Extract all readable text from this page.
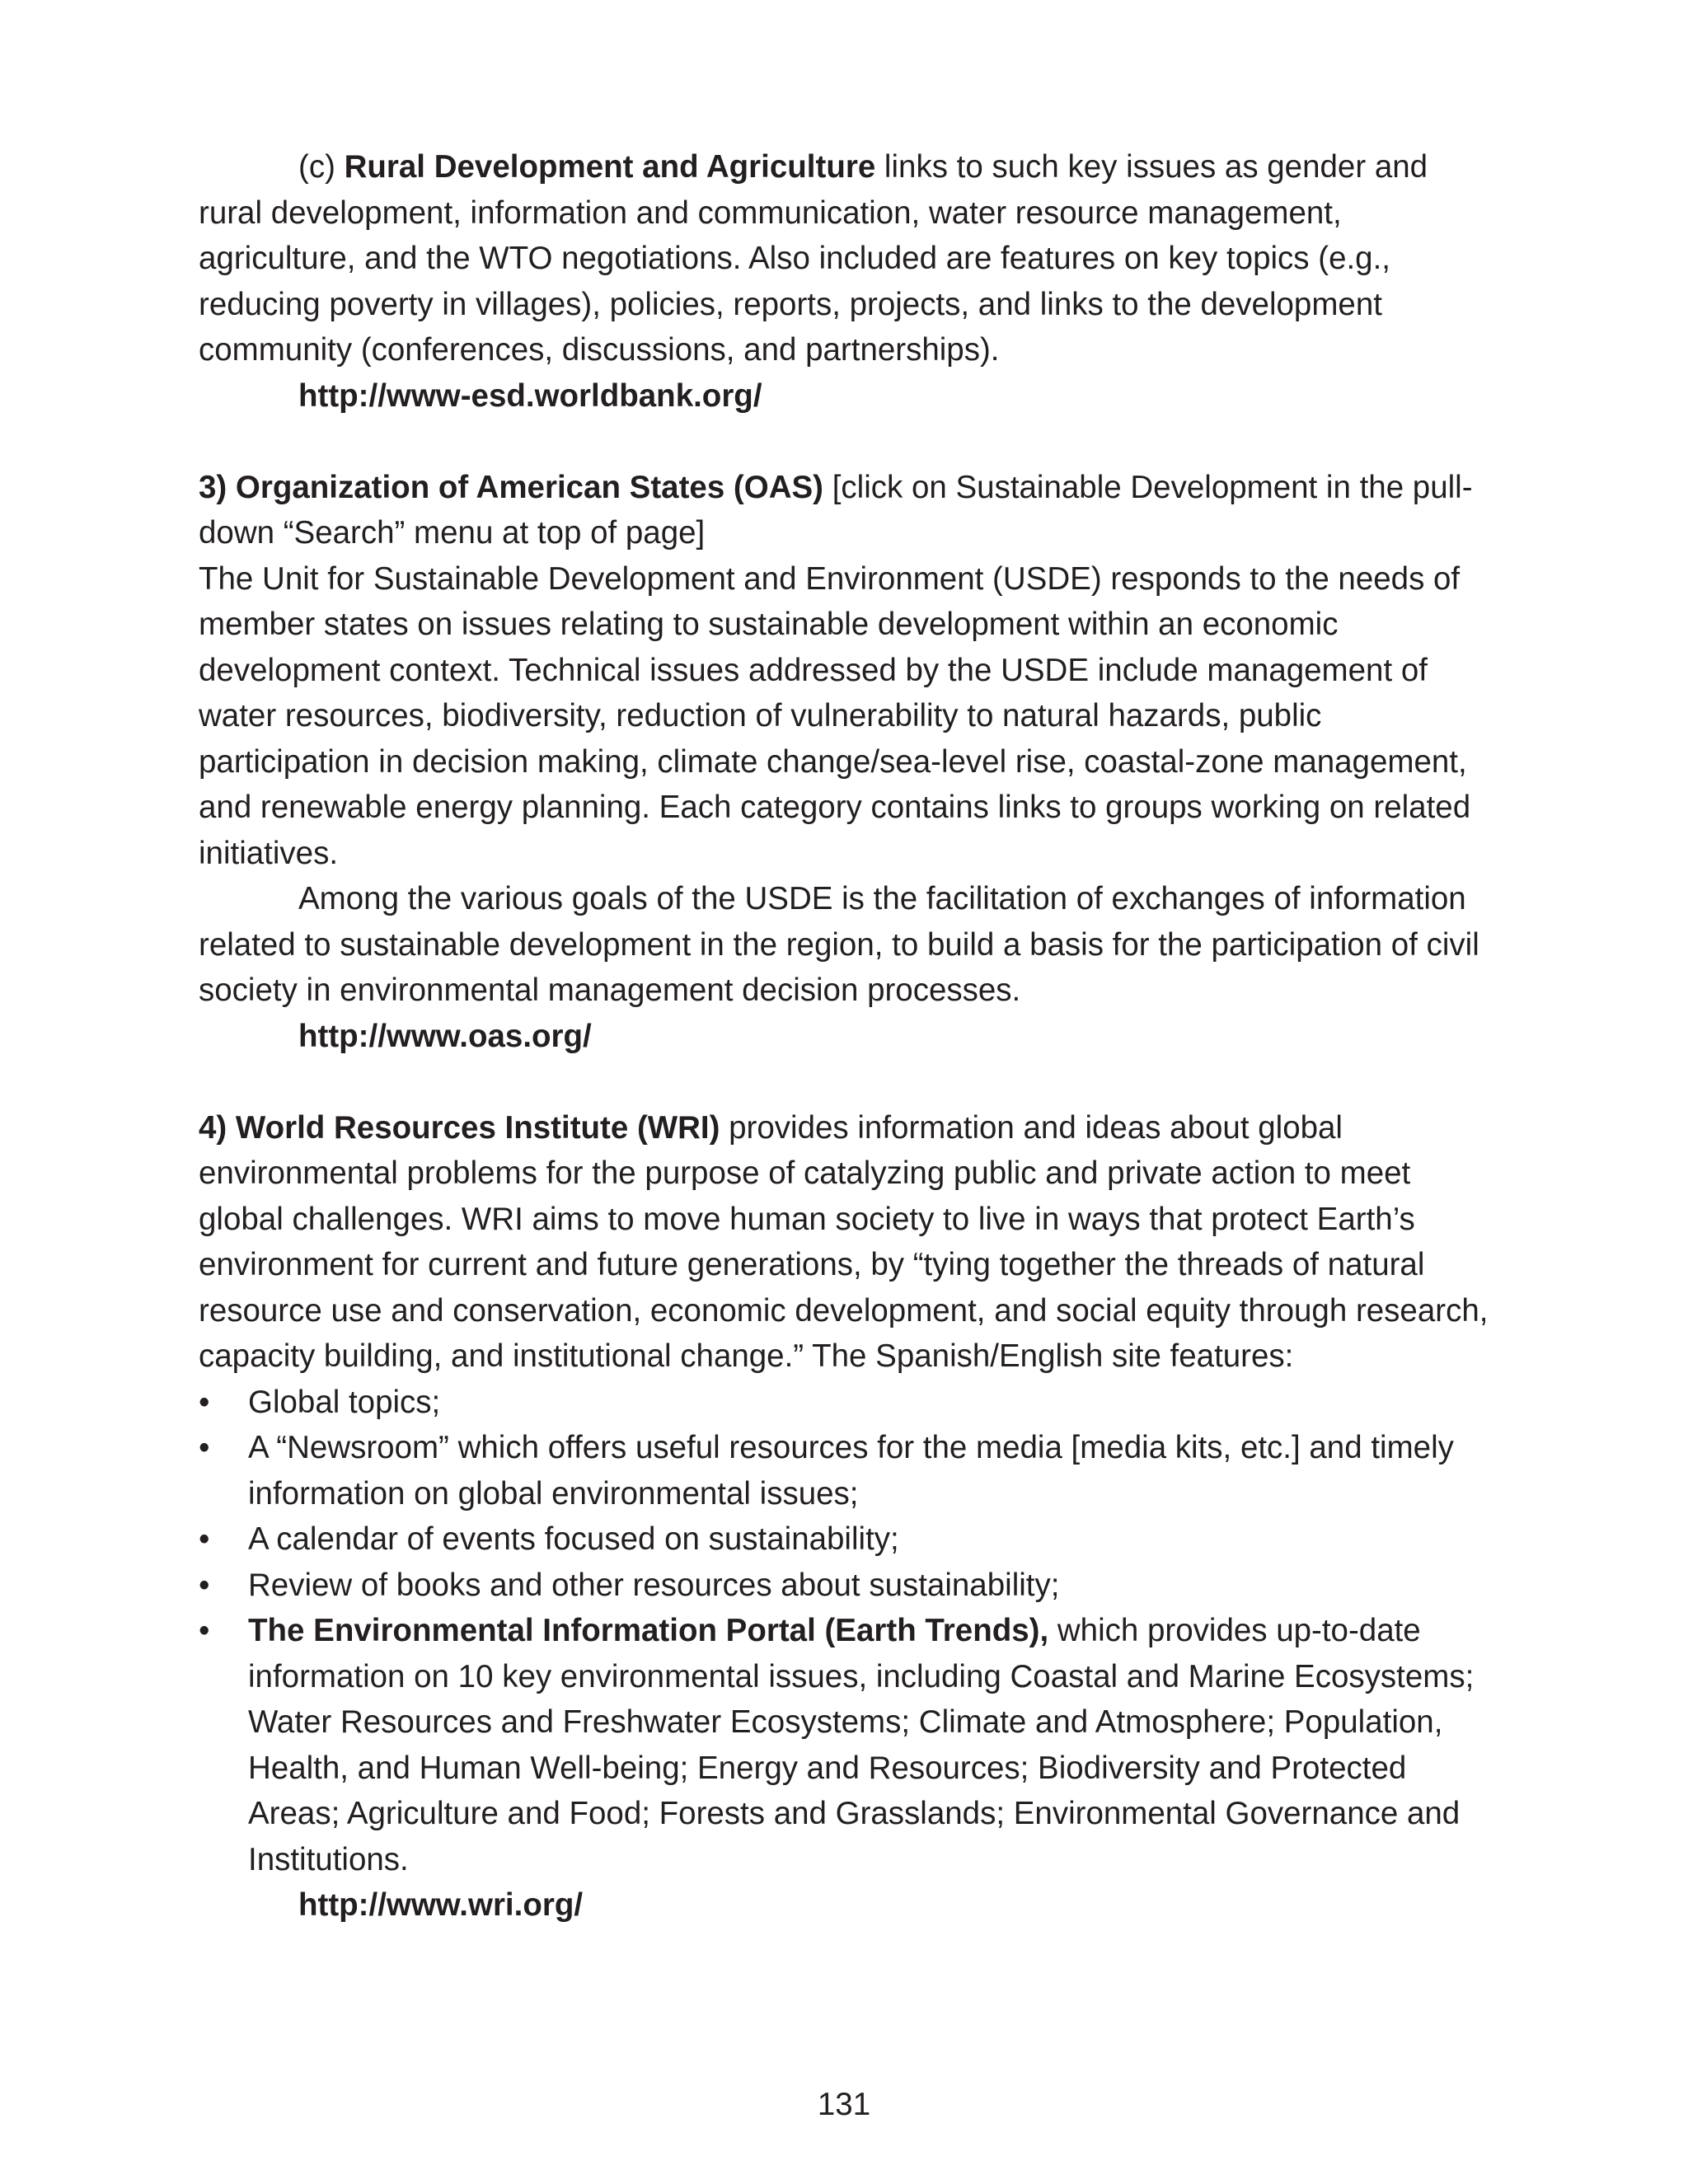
(c) Rural Development and Agriculture links to such key issues as gender and rural development, information and communication, water resource management, agriculture, and the WTO negotiations. Also included are features on key topics (e.g., reducing poverty in villages), policies, reports, projects, and links to the development community (conferences, discussions, and partnerships).

http://www-esd.worldbank.org/

3) Organization of American States (OAS) [click on Sustainable Development in the pull-down “Search” menu at top of page]

The Unit for Sustainable Development and Environment (USDE) responds to the needs of member states on issues relating to sustainable development within an economic development context. Technical issues addressed by the USDE include management of water resources, biodiversity, reduction of vulnerability to natural hazards, public participation in decision making, climate change/sea-level rise, coastal-zone management, and renewable energy planning. Each category contains links to groups working on related initiatives.

Among the various goals of the USDE is the facilitation of exchanges of information related to sustainable development in the region, to build a basis for the participation of civil society in environmental management decision processes.

http://www.oas.org/

4) World Resources Institute (WRI) provides information and ideas about global environmental problems for the purpose of catalyzing public and private action to meet global challenges. WRI aims to move human society to live in ways that protect Earth’s environment for current and future generations, by “tying together the threads of natural resource use and conservation, economic development, and social equity through research, capacity building, and institutional change.” The Spanish/English site features:

• Global topics;
• A “Newsroom” which offers useful resources for the media [media kits, etc.] and timely information on global environmental issues;
• A calendar of events focused on sustainability;
• Review of books and other resources about sustainability;
• The Environmental Information Portal (Earth Trends), which provides up-to-date information on 10 key environmental issues, including Coastal and Marine Ecosystems; Water Resources and Freshwater Ecosystems; Climate and Atmosphere; Population, Health, and Human Well-being; Energy and Resources; Biodiversity and Protected Areas; Agriculture and Food; Forests and Grasslands; Environmental Governance and Institutions.

http://www.wri.org/

131
